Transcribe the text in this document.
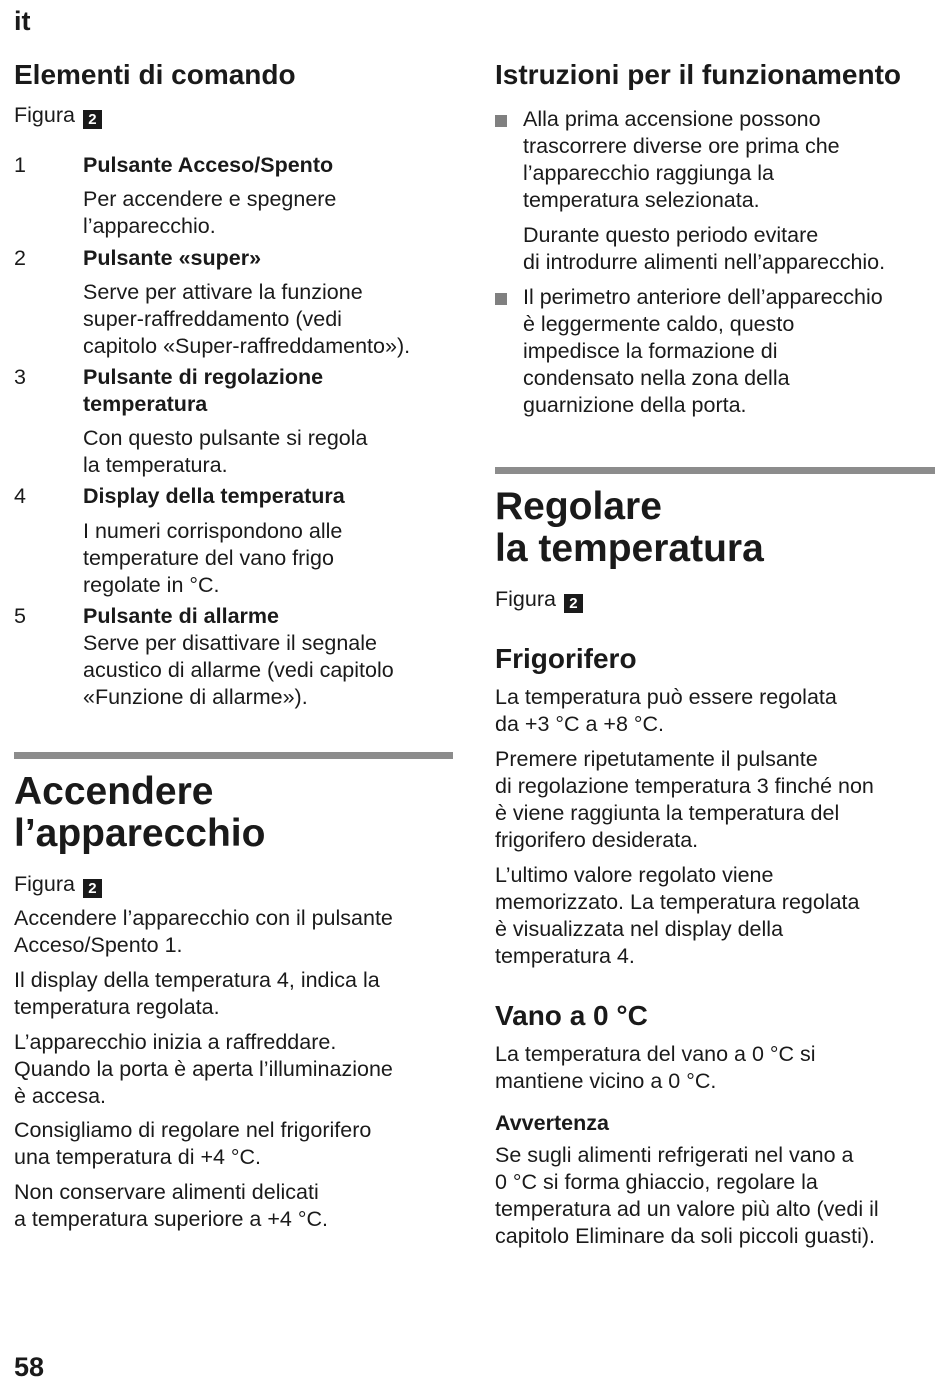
it
Elementi di comando
Figura 2
1	Pulsante Acceso/Spento
Per accendere e spegnere
l’apparecchio.
2	Pulsante «super»
Serve per attivare la funzione
super-raffreddamento (vedi
capitolo «Super-raffreddamento»).
3	Pulsante di regolazione
temperatura
Con questo pulsante si regola
la temperatura.
4	Display della temperatura
I numeri corrispondono alle
temperature del vano frigo
regolate in °C.
5	Pulsante di allarme
Serve per disattivare il segnale
acustico di allarme (vedi capitolo
«Funzione di allarme»).
Accendere
l’apparecchio
Figura 2
Accendere l’apparecchio con il pulsante
Acceso/Spento 1.
Il display della temperatura 4, indica la
temperatura regolata.
L’apparecchio inizia a raffreddare.
Quando la porta è aperta l’illuminazione
è accesa.
Consigliamo di regolare nel frigorifero
una temperatura di +4 °C.
Non conservare alimenti delicati
a temperatura superiore a +4 °C.
Istruzioni per il funzionamento
Alla prima accensione possono
trascorrere diverse ore prima che
l’apparecchio raggiunga la
temperatura selezionata.
Durante questo periodo evitare
di introdurre alimenti nell’apparecchio.
Il perimetro anteriore dell’apparecchio
è leggermente caldo, questo
impedisce la formazione di
condensato nella zona della
guarnizione della porta.
Regolare
la temperatura
Figura 2
Frigorifero
La temperatura può essere regolata
da +3 °C a +8 °C.
Premere ripetutamente il pulsante
di regolazione temperatura 3 finché non
è viene raggiunta la temperatura del
frigorifero desiderata.
L’ultimo valore regolato viene
memorizzato. La temperatura regolata
è visualizzata nel display della
temperatura 4.
Vano a 0 °C
La temperatura del vano a 0 °C si
mantiene vicino a 0 °C.
Avvertenza
Se sugli alimenti refrigerati nel vano a
0 °C si forma ghiaccio, regolare la
temperatura ad un valore più alto (vedi il
capitolo Eliminare da soli piccoli guasti).
58
